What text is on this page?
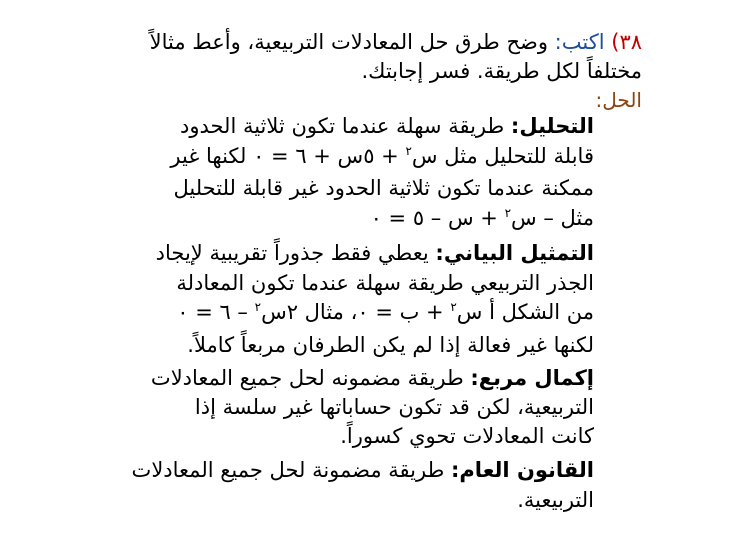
٣٨) اكتب: وضح طرق حل المعادلات التربيعية، وأعط مثالاً
مختلفاً لكل طريقة. فسر إجابتك.
الحل:
التحليل: طريقة سهلة عندما تكون ثلاثية الحدود
قابلة للتحليل مثل س$^٢$ + ٥س + ٦ = ٠ لكنها غير
ممكنة عندما تكون ثلاثية الحدود غير قابلة للتحليل
مثل – س$^٢$ + س – ٥ = ٠
التمثيل البياني: يعطي فقط جذوراً تقريبية لإيجاد
الجذر التربيعي طريقة سهلة عندما تكون المعادلة
من الشكل أ س$^٢$ + ب = ٠، مثال ٢س$^٢$ – ٦ = ٠
لكنها غير فعالة إذا لم يكن الطرفان مربعاً كاملاً.
إكمال مربع: طريقة مضمونه لحل جميع المعادلات
التربيعية، لكن قد تكون حساباتها غير سلسة إذا
كانت المعادلات تحوي كسوراً.
القانون العام: طريقة مضمونة لحل جميع المعادلات
التربيعية.
